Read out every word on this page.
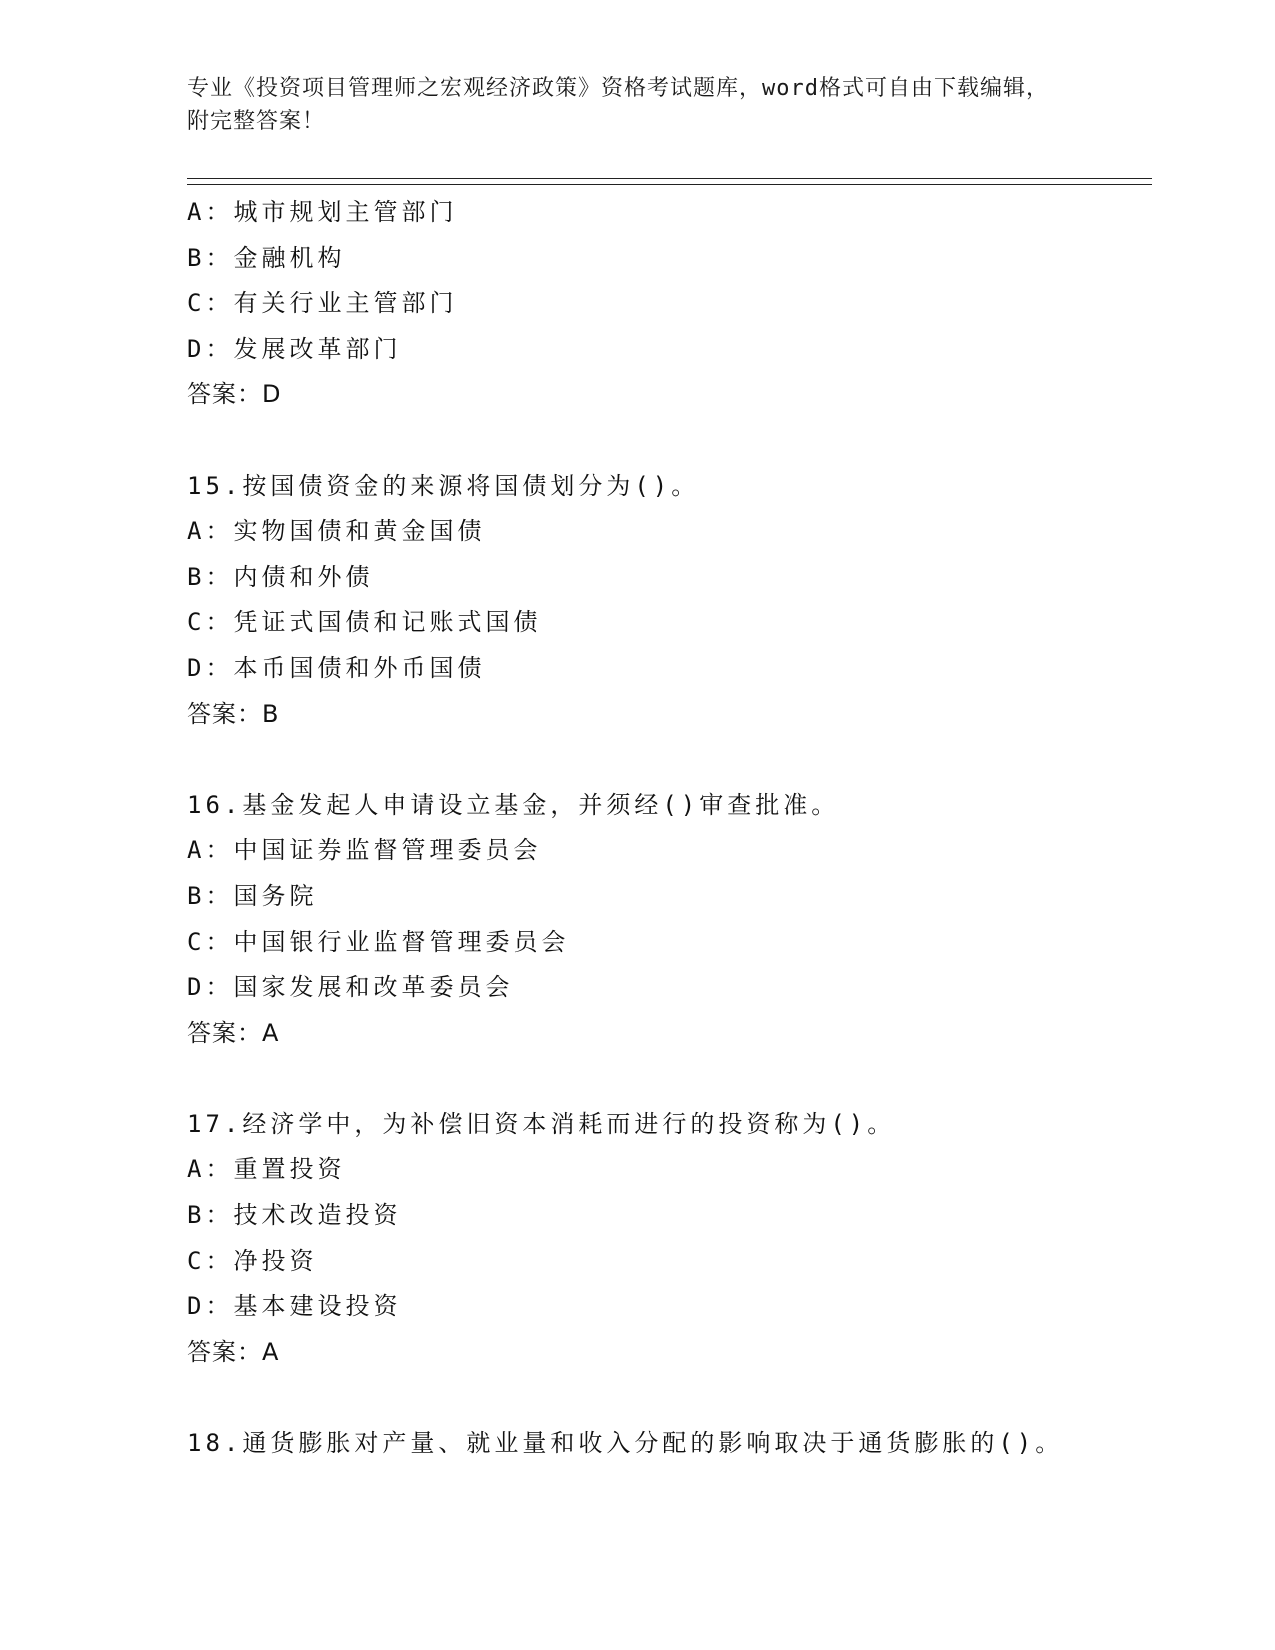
专业《投资项目管理师之宏观经济政策》资格考试题库，word格式可自由下载编辑，附完整答案！
A：城市规划主管部门
B：金融机构
C：有关行业主管部门
D：发展改革部门
答案：D
15.按国债资金的来源将国债划分为()。
A：实物国债和黄金国债
B：内债和外债
C：凭证式国债和记账式国债
D：本币国债和外币国债
答案：B
16.基金发起人申请设立基金，并须经()审查批准。
A：中国证券监督管理委员会
B：国务院
C：中国银行业监督管理委员会
D：国家发展和改革委员会
答案：A
17.经济学中，为补偿旧资本消耗而进行的投资称为()。
A：重置投资
B：技术改造投资
C：净投资
D：基本建设投资
答案：A
18.通货膨胀对产量、就业量和收入分配的影响取决于通货膨胀的()。
